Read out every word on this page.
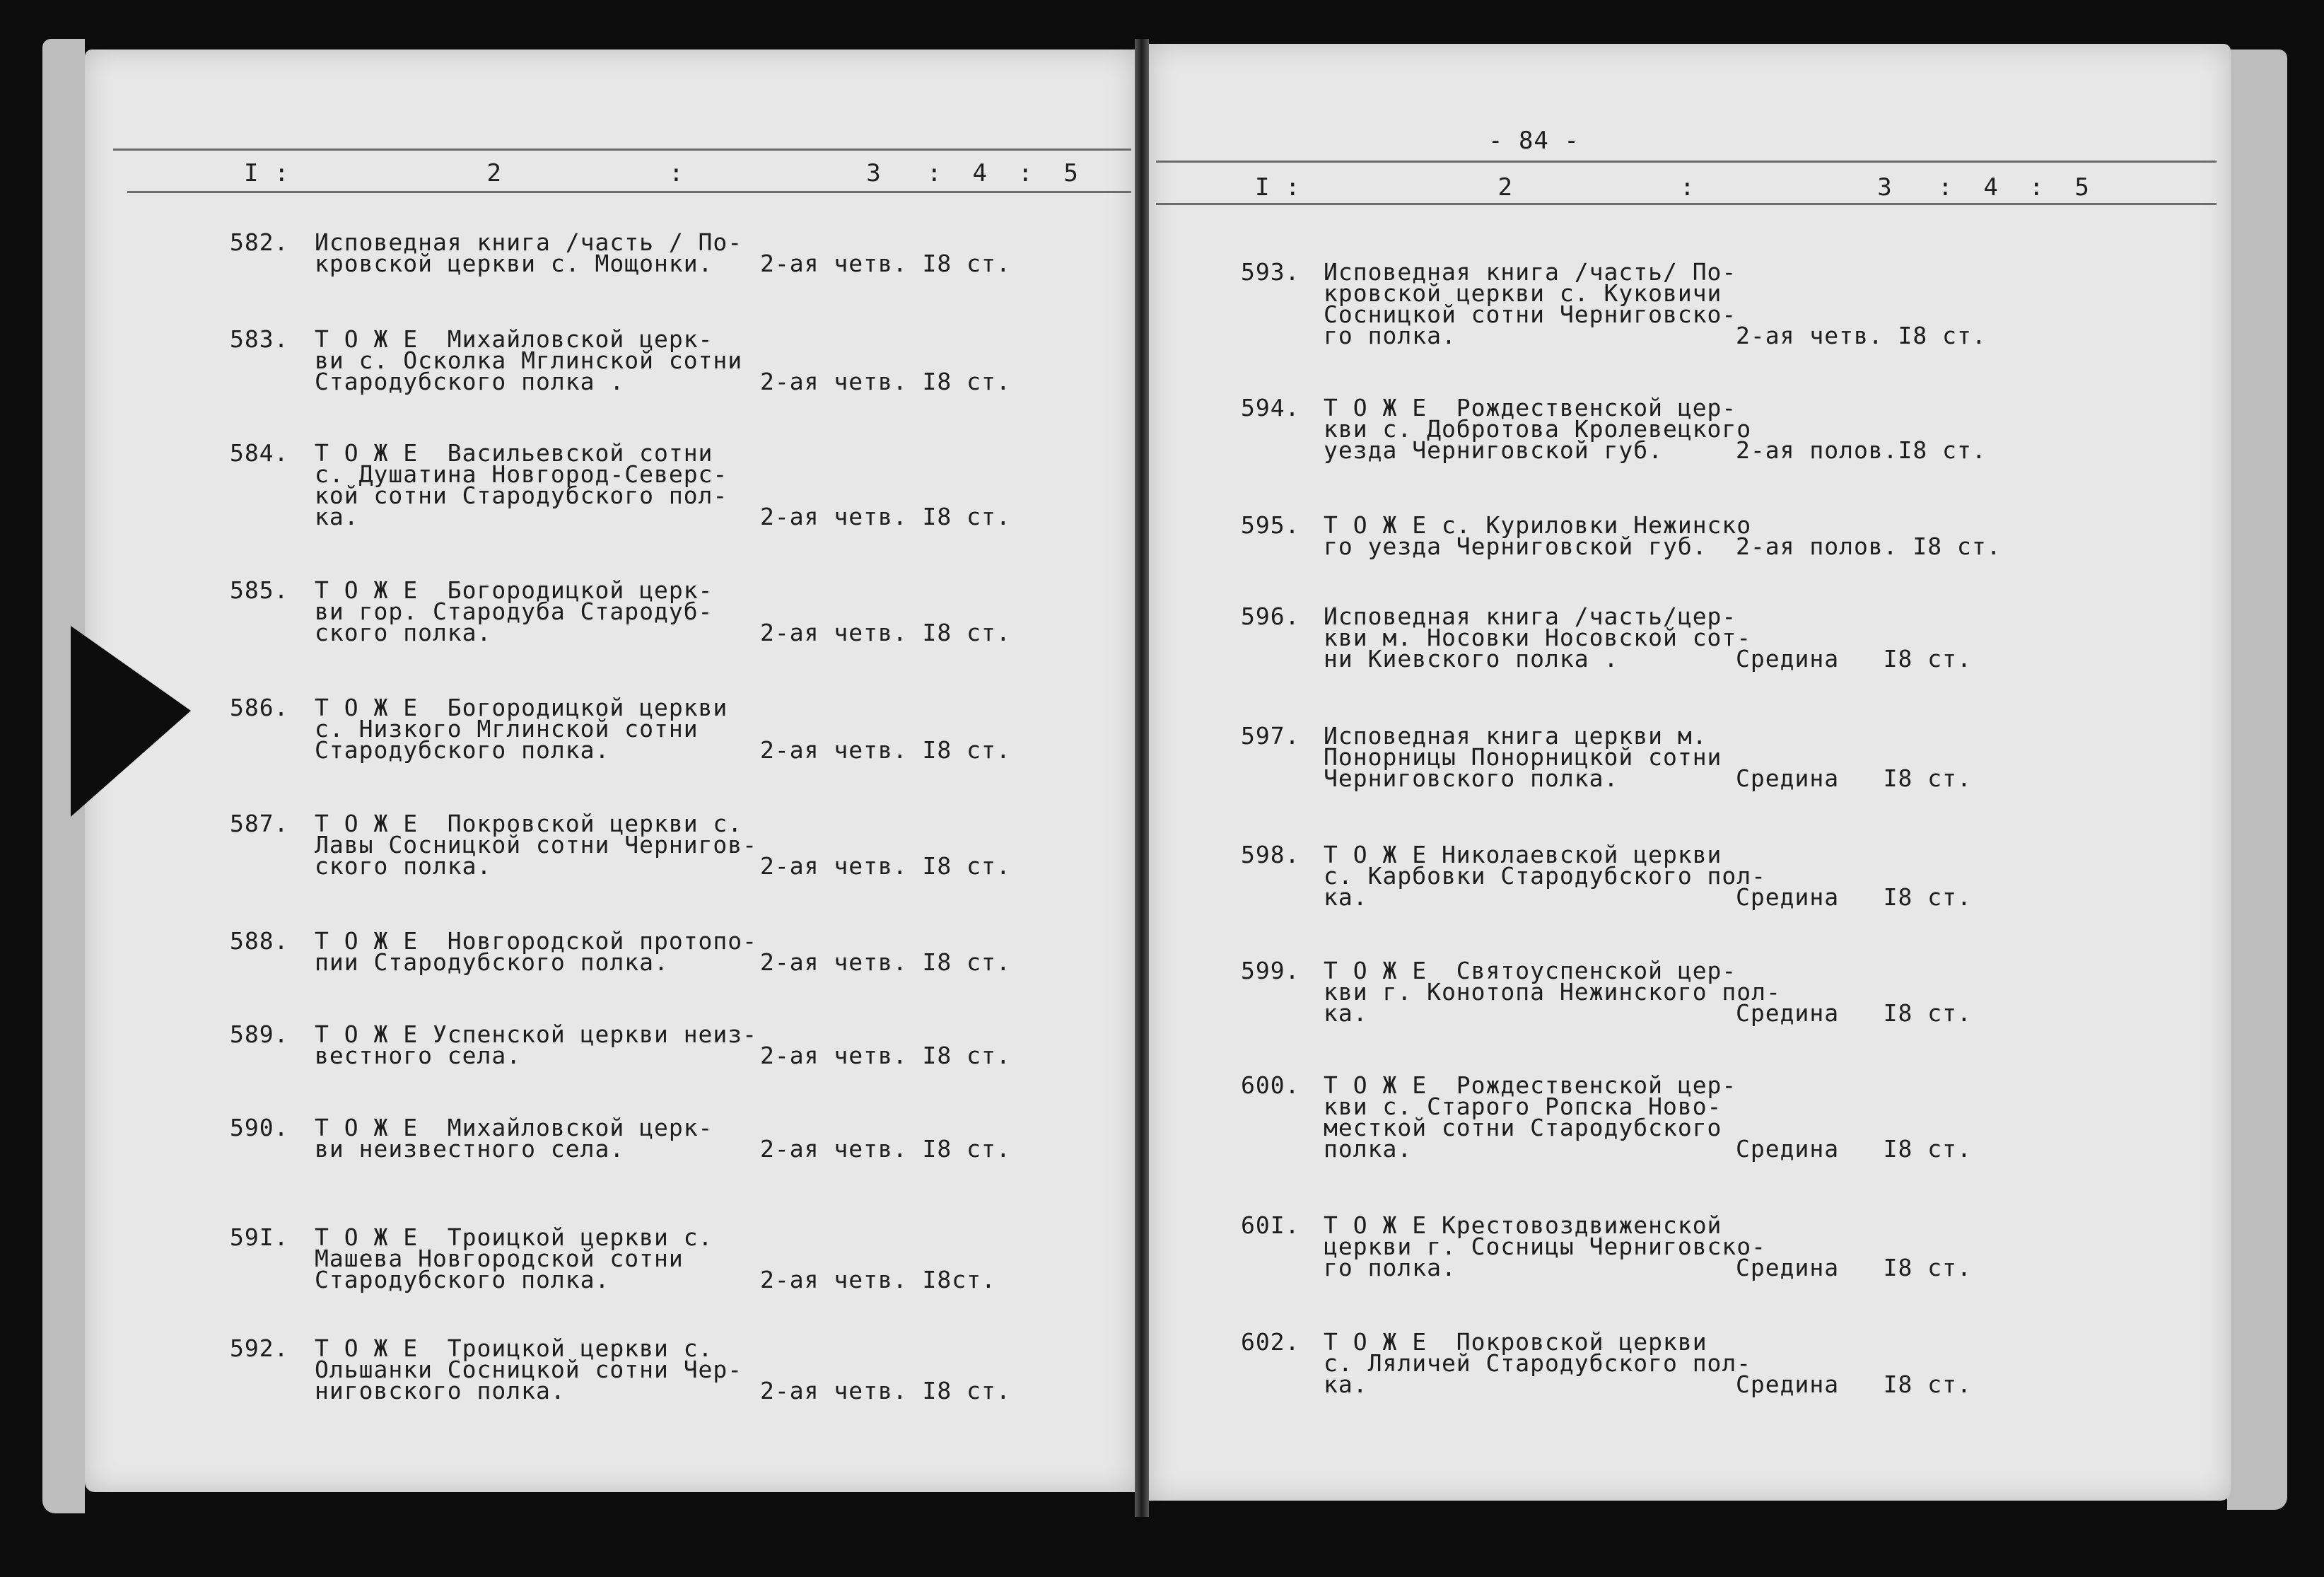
I :             2           :            3   :  4  :  5
- 84 -
I :             2           :            3   :  4  :  5
582. Исповедная книга /часть / По-
кровской церкви с. Мощонки.	2-ая четв. I8 ст.
583. Т О Ж Е  Михайловской церк-
ви с. Осколка Мглинской сотни
Стародубского полка .	2-ая четв. I8 ст.
584. Т О Ж Е  Васильевской сотни
с. Душатина Новгород-Северс-
кой сотни Стародубского пол-
ка.	2-ая четв. I8 ст.
585. Т О Ж Е  Богородицкой церк-
ви гор. Стародуба Стародуб-
ского полка.	2-ая четв. I8 ст.
586. Т О Ж Е  Богородицкой церкви
с. Низкого Мглинской сотни
Стародубского полка.	2-ая четв. I8 ст.
587. Т О Ж Е  Покровской церкви с.
Лавы Сосницкой сотни Чернигов-
ского полка.	2-ая четв. I8 ст.
588. Т О Ж Е  Новгородской протопо-
пии Стародубского полка.	2-ая четв. I8 ст.
589. Т О Ж Е Успенской церкви неиз-
вестного села.	2-ая четв. I8 ст.
590. Т О Ж Е  Михайловской церк-
ви неизвестного села.	2-ая четв. I8 ст.
59I. Т О Ж Е  Троицкой церкви с.
Машева Новгородской сотни
Стародубского полка.	2-ая четв. I8ст.
592. Т О Ж Е  Троицкой церкви с.
Ольшанки Сосницкой сотни Чер-
ниговского полка.	2-ая четв. I8 ст.
593. Исповедная книга /часть/ По-
кровской церкви с. Куковичи
Сосницкой сотни Черниговско-
го полка.	2-ая четв. I8 ст.
594. Т О Ж Е  Рождественской цер-
кви с. Добротова Кролевецкого
уезда Черниговской губ.	2-ая полов.I8 ст.
595. Т О Ж Е с. Куриловки Нежинско
го уезда Черниговской губ.	2-ая полов. I8 ст.
596. Исповедная книга /часть/цер-
кви м. Носовки Носовской сот-
ни Киевского полка .	Средина   I8 ст.
597. Исповедная книга церкви м.
Понорницы Понорницкой сотни
Черниговского полка.	Средина   I8 ст.
598. Т О Ж Е Николаевской церкви
с. Карбовки Стародубского пол-
ка.	Средина   I8 ст.
599. Т О Ж Е  Святоуспенской цер-
кви г. Конотопа Нежинского пол-
ка.	Средина   I8 ст.
600. Т О Ж Е  Рождественской цер-
кви с. Старого Ропска Ново-
месткой сотни Стародубского
полка.	Средина   I8 ст.
60I. Т О Ж Е Крестовоздвиженской
церкви г. Сосницы Черниговско-
го полка.	Средина   I8 ст.
602. Т О Ж Е  Покровской церкви
с. Ляличей Стародубского пол-
ка.	Средина   I8 ст.
